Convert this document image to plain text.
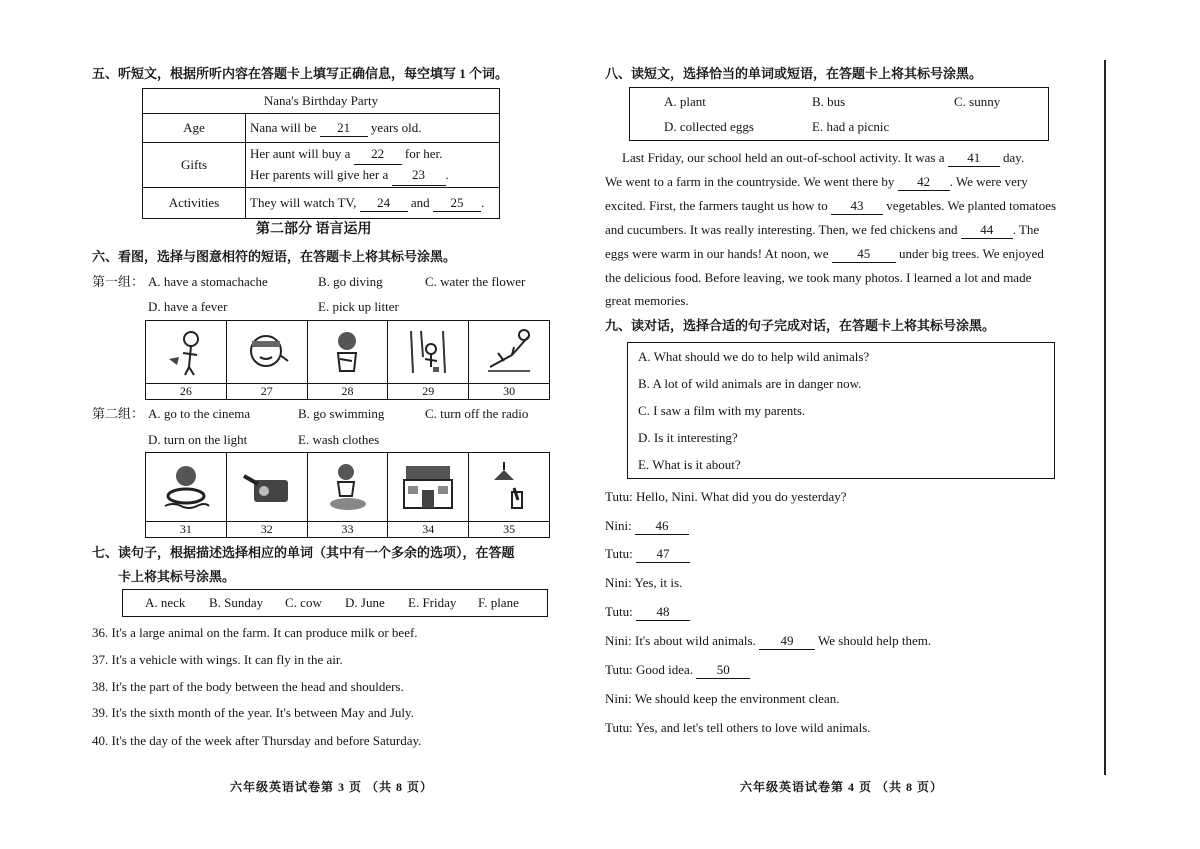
五、听短文，根据所听内容在答题卡上填写正确信息，每空填写 1 个词。
Nana's Birthday Party	
Age	Nana will be 21 years old.
Gifts	Her aunt will buy a 22 for her.
Her parents will give her a 23 .

Activities	They will watch TV, 24 and 25 .
第二部分 语言运用
六、看图，选择与图意相符的短语，在答题卡上将其标号涂黑。
第一组： A. have a stomachache	B. go diving	C. water the flower
D. have a fever	E. pick up litter
26	27	28	29	30
第二组： A. go to the cinema	B. go swimming	C. turn off the radio
D. turn on the light	E. wash clothes
31	32	33	34	35
七、读句子，根据描述选择相应的单词（其中有一个多余的选项），在答题
卡上将其标号涂黑。
A. neck B. Sunday C. cow D. June E. Friday F. plane
36. It's a large animal on the farm. It can produce milk or beef.
37. It's a vehicle with wings. It can fly in the air.
38. It's the part of the body between the head and shoulders.
39. It's the sixth month of the year. It's between May and July.
40. It's the day of the week after Thursday and before Saturday.
六年级英语试卷第 3 页 （共 8 页）
八、读短文，选择恰当的单词或短语，在答题卡上将其标号涂黑。
A. plant	B. bus	C. sunny
D. collected eggs	E. had a picnic
Last Friday, our school held an out-of-school activity. It was a 41 day.
We went to a farm in the countryside. We went there by 42 . We were very
excited. First, the farmers taught us how to 43 vegetables. We planted tomatoes
and cucumbers. It was really interesting. Then, we fed chickens and 44 . The
eggs were warm in our hands! At noon, we 45 under big trees. We enjoyed
the delicious food. Before leaving, we took many photos. I learned a lot and made
great memories.
九、读对话，选择合适的句子完成对话，在答题卡上将其标号涂黑。
A. What should we do to help wild animals?
B. A lot of wild animals are in danger now.
C. I saw a film with my parents.
D. Is it interesting?
E. What is it about?
Tutu: Hello, Nini. What did you do yesterday?
Nini: 46
Tutu: 47
Nini: Yes, it is.
Tutu: 48
Nini: It's about wild animals. 49 We should help them.
Tutu: Good idea. 50
Nini: We should keep the environment clean.
Tutu: Yes, and let's tell others to love wild animals.
六年级英语试卷第 4 页 （共 8 页）
